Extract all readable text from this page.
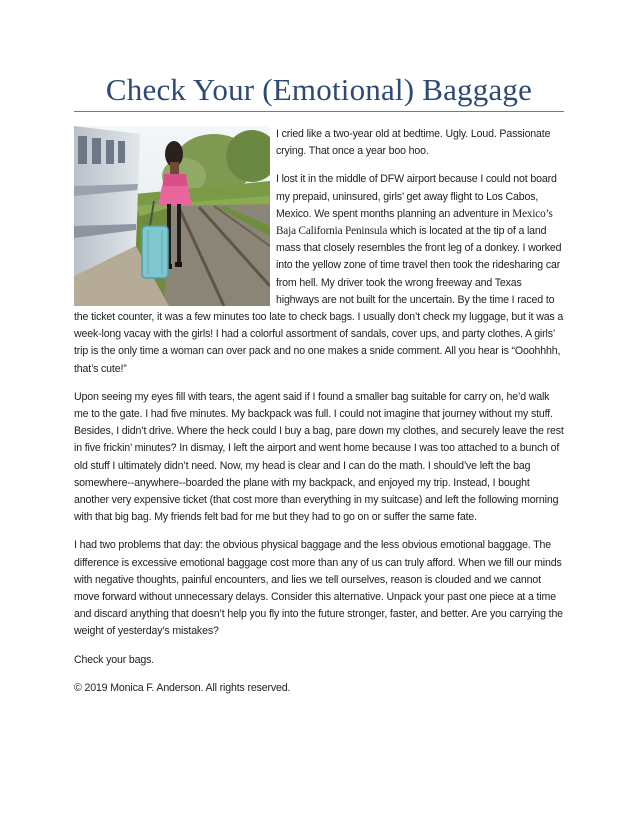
Check Your (Emotional) Baggage

I cried like a two-year old at bedtime. Ugly. Loud. Passionate crying. That once a year boo hoo.

I lost it in the middle of DFW airport because I could not board my prepaid, uninsured, girls’ get away flight to Los Cabos, Mexico. We spent months planning an adventure in Mexico’s Baja California Peninsula which is located at the tip of a land mass that closely resembles the front leg of a donkey. I worked into the yellow zone of time travel then took the ridesharing car from hell. My driver took the wrong freeway and Texas highways are not built for the uncertain. By the time I raced to the ticket counter, it was a few minutes too late to check bags. I usually don’t check my luggage, but it was a week-long vacay with the girls! I had a colorful assortment of sandals, cover ups, and party clothes. A girls’ trip is the only time a woman can over pack and no one makes a snide comment. All you hear is “Ooohhhh, that’s cute!”

Upon seeing my eyes fill with tears, the agent said if I found a smaller bag suitable for carry on, he’d walk me to the gate. I had five minutes. My backpack was full. I could not imagine that journey without my stuff. Besides, I didn’t drive. Where the heck could I buy a bag, pare down my clothes, and securely leave the rest in five frickin’ minutes? In dismay, I left the airport and went home because I was too attached to a bunch of old stuff I ultimately didn’t need. Now, my head is clear and I can do the math. I should’ve left the bag somewhere--anywhere--boarded the plane with my backpack, and enjoyed my trip. Instead, I bought another very expensive ticket (that cost more than everything in my suitcase) and left the following morning with that big bag. My friends felt bad for me but they had to go on or suffer the same fate.

I had two problems that day: the obvious physical baggage and the less obvious emotional baggage. The difference is excessive emotional baggage cost more than any of us can truly afford. When we fill our minds with negative thoughts, painful encounters, and lies we tell ourselves, reason is clouded and we cannot move forward without unnecessary delays. Consider this alternative. Unpack your past one piece at a time and discard anything that doesn’t help you fly into the future stronger, faster, and better. Are you carrying the weight of yesterday’s mistakes?

Check your bags.

© 2019 Monica F. Anderson. All rights reserved.
